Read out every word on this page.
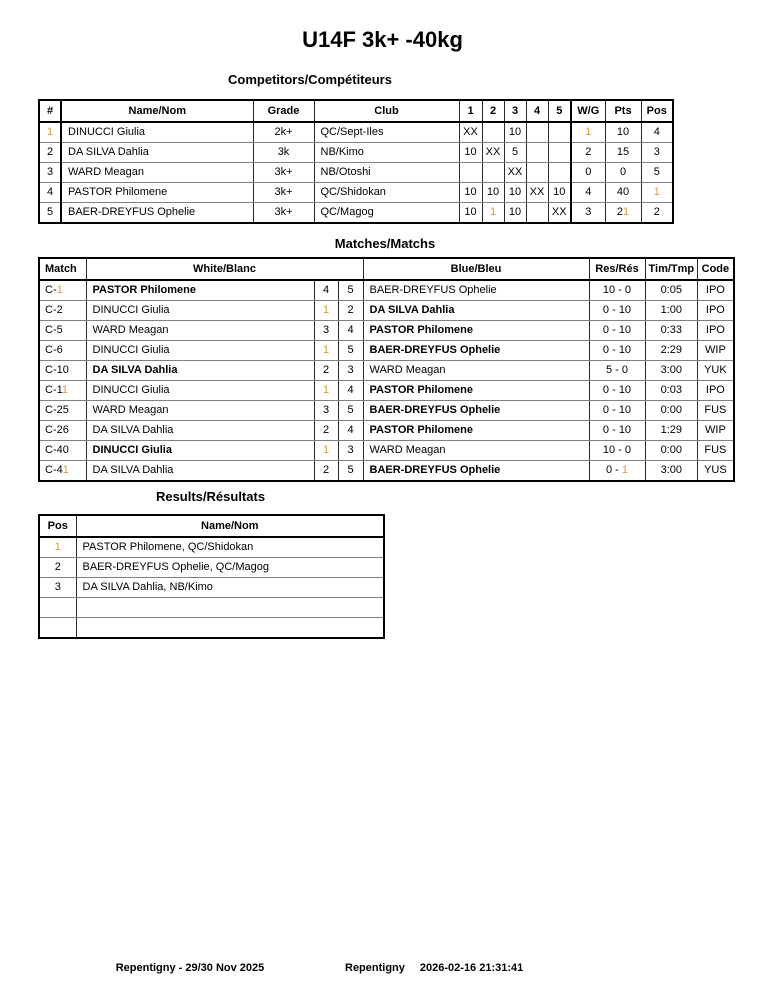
U14F 3k+ -40kg
Competitors/Compétiteurs
#	Name/Nom	Grade	Club	1	2	3	4	5	W/G	Pts	Pos
1	DINUCCI Giulia	2k+	QC/Sept-Iles	XX		10			1	10	4
2	DA SILVA Dahlia	3k	NB/Kimo	10	XX	5			2	15	3
3	WARD Meagan	3k+	NB/Otoshi			XX			0	0	5
4	PASTOR Philomene	3k+	QC/Shidokan	10	10	10	XX	10	4	40	1
5	BAER-DREYFUS Ophelie	3k+	QC/Magog	10	1	10		XX	3	21	2
Matches/Matchs
Match	White/Blanc			Blue/Bleu	Res/Rés	Tim/Tmp	Code
C-1	PASTOR Philomene	4	5	BAER-DREYFUS Ophelie	10 - 0	0:05	IPO
C-2	DINUCCI Giulia	1	2	DA SILVA Dahlia	0 - 10	1:00	IPO
C-5	WARD Meagan	3	4	PASTOR Philomene	0 - 10	0:33	IPO
C-6	DINUCCI Giulia	1	5	BAER-DREYFUS Ophelie	0 - 10	2:29	WIP
C-10	DA SILVA Dahlia	2	3	WARD Meagan	5 - 0	3:00	YUK
C-11	DINUCCI Giulia	1	4	PASTOR Philomene	0 - 10	0:03	IPO
C-25	WARD Meagan	3	5	BAER-DREYFUS Ophelie	0 - 10	0:00	FUS
C-26	DA SILVA Dahlia	2	4	PASTOR Philomene	0 - 10	1:29	WIP
C-40	DINUCCI Giulia	1	3	WARD Meagan	10 - 0	0:00	FUS
C-41	DA SILVA Dahlia	2	5	BAER-DREYFUS Ophelie	0 - 1	3:00	YUS
Results/Résultats
Pos	Name/Nom
1	PASTOR Philomene, QC/Shidokan
2	BAER-DREYFUS Ophelie, QC/Magog
3	DA SILVA Dahlia, NB/Kimo

Repentigny - 29/30 Nov 2025	Repentigny 2026-02-16 21:31:41
